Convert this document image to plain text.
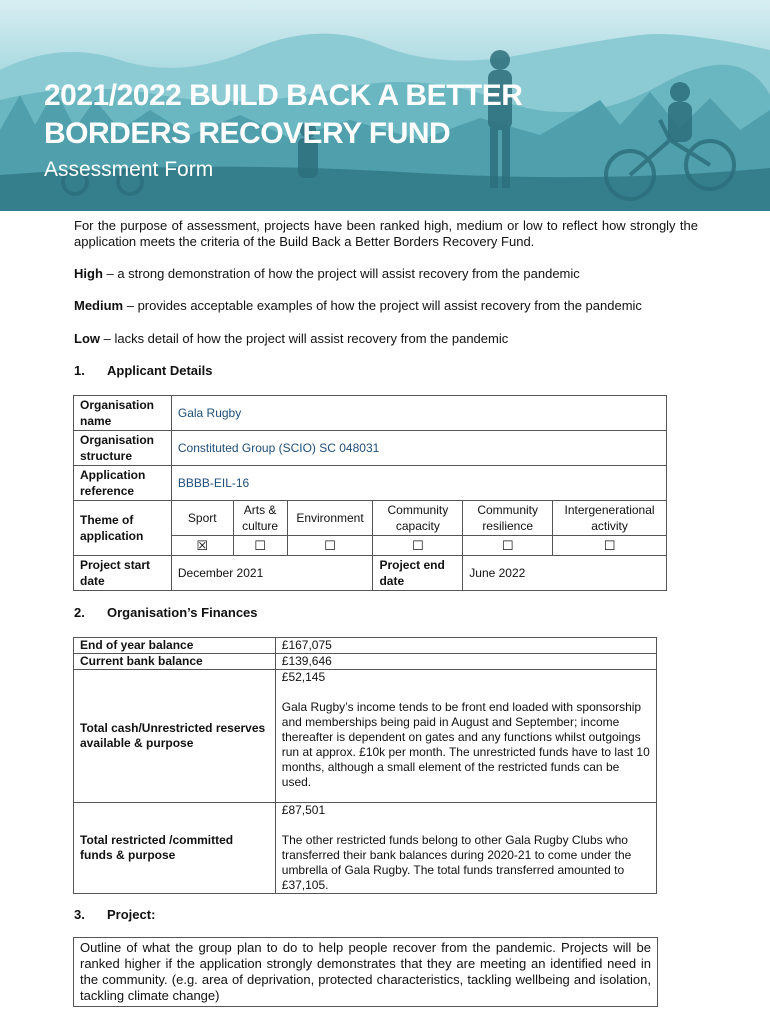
2021/2022 BUILD BACK A BETTER
BORDERS RECOVERY FUND
Assessment Form
For the purpose of assessment, projects have been ranked high, medium or low to reflect how strongly the application meets the criteria of the Build Back a Better Borders Recovery Fund.
High – a strong demonstration of how the project will assist recovery from the pandemic
Medium – provides acceptable examples of how the project will assist recovery from the pandemic
Low – lacks detail of how the project will assist recovery from the pandemic
1. Applicant Details
Organisation name	Gala Rugby					
Organisation structure	Constituted Group (SCIO) SC 048031					
Application reference	BBBB-EIL-16					
Theme of application	Sport	Arts & culture	Environment	Community capacity	Community resilience	Intergenerational activity
	☒	☐	☐	☐	☐	☐
Project start date	December 2021			Project end date	June 2022	
2. Organisation’s Finances
End of year balance	£167,075
Current bank balance	£139,646
Total cash/Unrestricted reserves available & purpose	£52,145
Gala Rugby’s income tends to be front end loaded with sponsorship and memberships being paid in August and September; income thereafter is dependent on gates and any functions whilst outgoings run at approx. £10k per month. The unrestricted funds have to last 10 months, although a small element of the restricted funds can be used.

Total restricted /committed funds & purpose	£87,501
The other restricted funds belong to other Gala Rugby Clubs who transferred their bank balances during 2020-21 to come under the umbrella of Gala Rugby. The total funds transferred amounted to £37,105.
3. Project:
Outline of what the group plan to do to help people recover from the pandemic. Projects will be ranked higher if the application strongly demonstrates that they are meeting an identified need in the community. (e.g. area of deprivation, protected characteristics, tackling wellbeing and isolation, tackling climate change)
